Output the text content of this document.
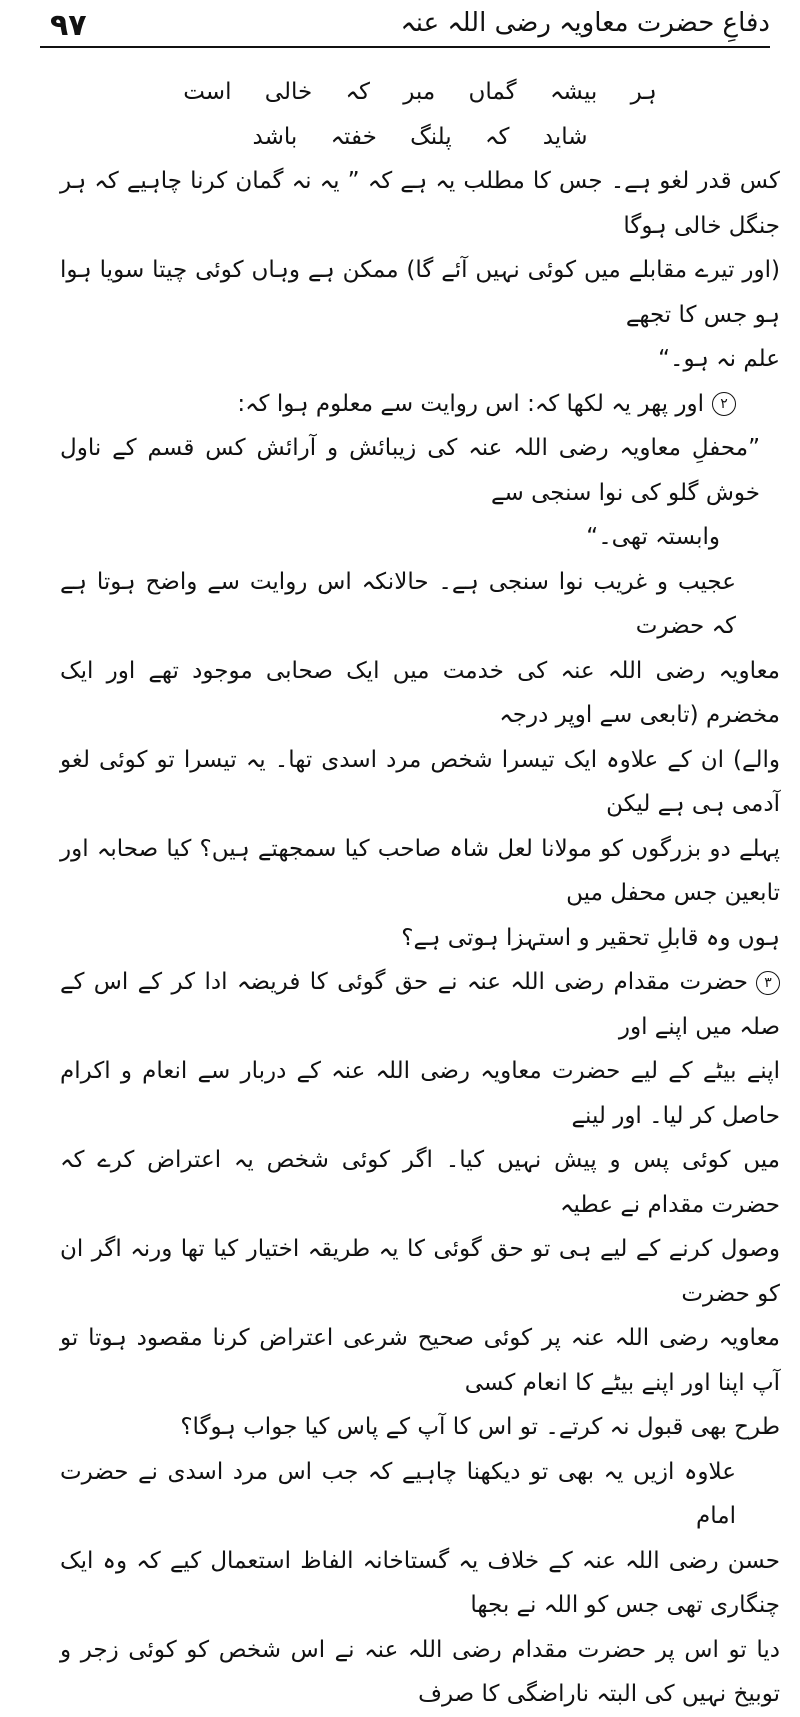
٩٧	دفاعِ حضرت معاویہ رضی اللہ عنہ
ہر بیشہ گماں مبر کہ خالی است
شاید کہ پلنگ خفتہ باشد
کس قدر لغو ہے۔ جس کا مطلب یہ ہے کہ ” یہ نہ گمان کرنا چاہیے کہ ہر جنگل خالی ہوگا
(اور تیرے مقابلے میں کوئی نہیں آئے گا) ممکن ہے وہاں کوئی چیتا سویا ہوا ہو جس کا تجھے
علم نہ ہو۔“
٢اور پھر یہ لکھا کہ: اس روایت سے معلوم ہوا کہ:
”محفلِ معاویہ رضی اللہ عنہ کی زیبائش و آرائش کس قسم کے ناول خوش گلو کی نوا سنجی سے
وابستہ تھی۔“
عجیب و غریب نوا سنجی ہے۔ حالانکہ اس روایت سے واضح ہوتا ہے کہ حضرت
معاویہ رضی اللہ عنہ کی خدمت میں ایک صحابی موجود تھے اور ایک مخضرم (تابعی سے اوپر درجہ
والے) ان کے علاوہ ایک تیسرا شخص مرد اسدی تھا۔ یہ تیسرا تو کوئی لغو آدمی ہی ہے لیکن
پہلے دو بزرگوں کو مولانا لعل شاہ صاحب کیا سمجھتے ہیں؟ کیا صحابہ اور تابعین جس محفل میں
ہوں وہ قابلِ تحقیر و استہزا ہوتی ہے؟
٣حضرت مقدام رضی اللہ عنہ نے حق گوئی کا فریضہ ادا کر کے اس کے صلہ میں اپنے اور
اپنے بیٹے کے لیے حضرت معاویہ رضی اللہ عنہ کے دربار سے انعام و اکرام حاصل کر لیا۔ اور لینے
میں کوئی پس و پیش نہیں کیا۔ اگر کوئی شخص یہ اعتراض کرے کہ حضرت مقدام نے عطیہ
وصول کرنے کے لیے ہی تو حق گوئی کا یہ طریقہ اختیار کیا تھا ورنہ اگر ان کو حضرت
معاویہ رضی اللہ عنہ پر کوئی صحیح شرعی اعتراض کرنا مقصود ہوتا تو آپ اپنا اور اپنے بیٹے کا انعام کسی
طرح بھی قبول نہ کرتے۔ تو اس کا آپ کے پاس کیا جواب ہوگا؟
علاوہ ازیں یہ بھی تو دیکھنا چاہیے کہ جب اس مرد اسدی نے حضرت امام
حسن رضی اللہ عنہ کے خلاف یہ گستاخانہ الفاظ استعمال کیے کہ وہ ایک چنگاری تھی جس کو اللہ نے بجھا
دیا تو اس پر حضرت مقدام رضی اللہ عنہ نے اس شخص کو کوئی زجر و توبیخ نہیں کی البتہ ناراضگی کا صرف
